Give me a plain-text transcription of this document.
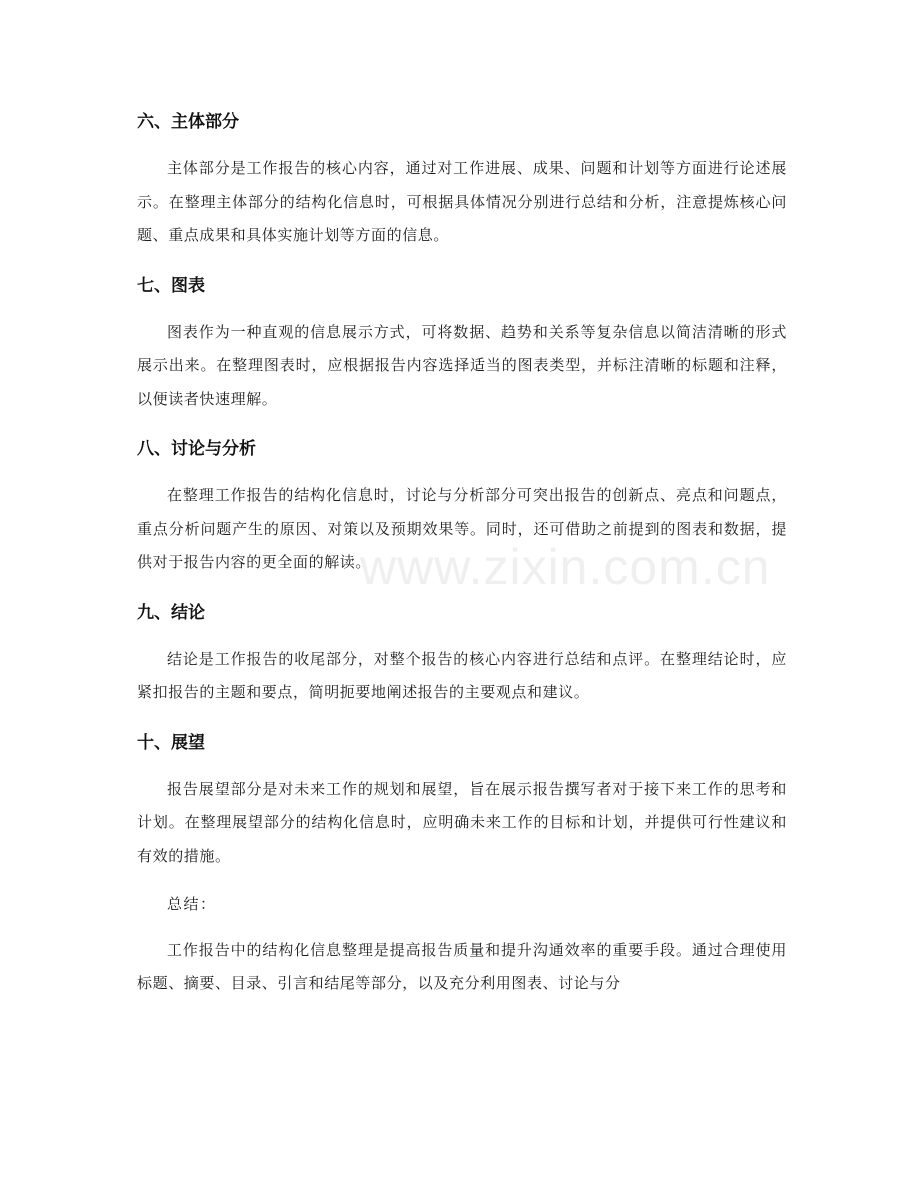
www.zixin.com.cn
六、主体部分

主体部分是工作报告的核心内容，通过对工作进展、成果、问题和计划等方面进行论述展示。在整理主体部分的结构化信息时，可根据具体情况分别进行总结和分析，注意提炼核心问题、重点成果和具体实施计划等方面的信息。

七、图表

图表作为一种直观的信息展示方式，可将数据、趋势和关系等复杂信息以简洁清晰的形式展示出来。在整理图表时，应根据报告内容选择适当的图表类型，并标注清晰的标题和注释，以便读者快速理解。

八、讨论与分析

在整理工作报告的结构化信息时，讨论与分析部分可突出报告的创新点、亮点和问题点，重点分析问题产生的原因、对策以及预期效果等。同时，还可借助之前提到的图表和数据，提供对于报告内容的更全面的解读。

九、结论

结论是工作报告的收尾部分，对整个报告的核心内容进行总结和点评。在整理结论时，应紧扣报告的主题和要点，简明扼要地阐述报告的主要观点和建议。

十、展望

报告展望部分是对未来工作的规划和展望，旨在展示报告撰写者对于接下来工作的思考和计划。在整理展望部分的结构化信息时，应明确未来工作的目标和计划，并提供可行性建议和有效的措施。

总结：

工作报告中的结构化信息整理是提高报告质量和提升沟通效率的重要手段。通过合理使用标题、摘要、目录、引言和结尾等部分，以及充分利用图表、讨论与分
